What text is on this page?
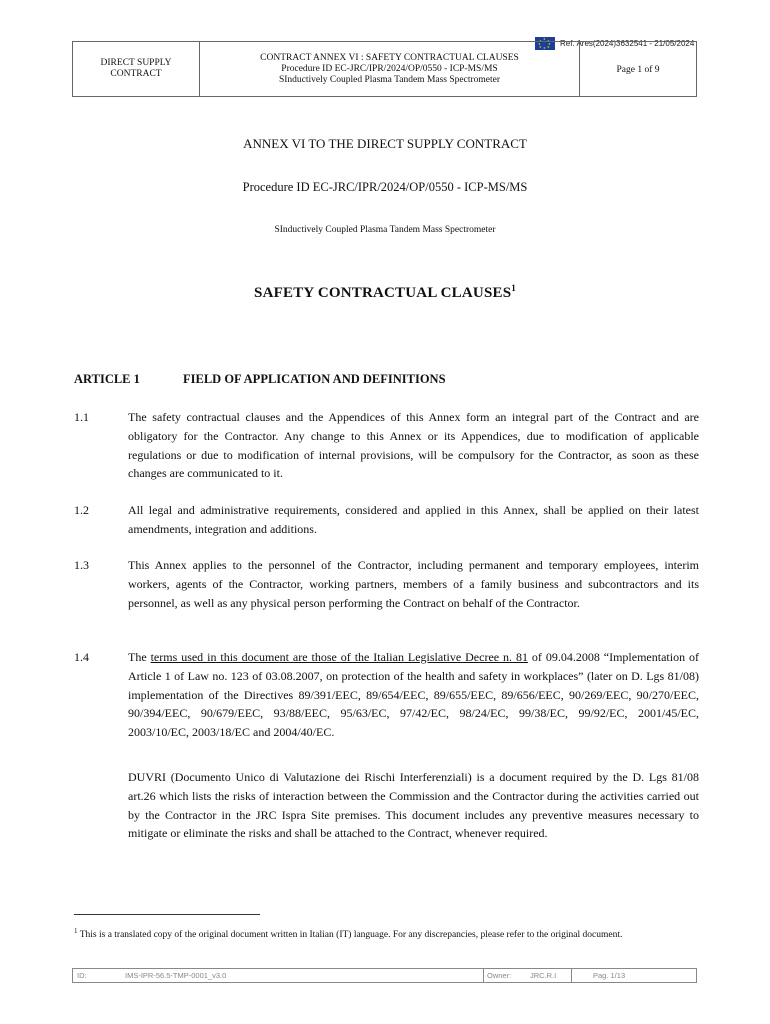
★ ★
★
★
★
★
★
★ Ref. Ares(2024)3632541 - 21/05/2024
DIRECT SUPPLY
CONTRACT
CONTRACT ANNEX VI : SAFETY CONTRACTUAL CLAUSES
Procedure ID EC-JRC/IPR/2024/OP/0550 - ICP-MS/MS
SInductively Coupled Plasma Tandem Mass Spectrometer
Page 1 of 9
ANNEX VI TO THE DIRECT SUPPLY CONTRACT
Procedure ID EC-JRC/IPR/2024/OP/0550 - ICP-MS/MS
SInductively Coupled Plasma Tandem Mass Spectrometer
SAFETY CONTRACTUAL CLAUSES$^1$
ARTICLE 1	FIELD OF APPLICATION AND DEFINITIONS
1.1	The safety contractual clauses and the Appendices of this Annex form an integral part of the Contract and are obligatory for the Contractor. Any change to this Annex or its Appendices, due to modification of applicable regulations or due to modification of internal provisions, will be compulsory for the Contractor, as soon as these changes are communicated to it.
1.2	All legal and administrative requirements, considered and applied in this Annex, shall be applied on their latest amendments, integration and additions.
1.3	This Annex applies to the personnel of the Contractor, including permanent and temporary employees, interim workers, agents of the Contractor, working partners, members of a family business and subcontractors and its personnel, as well as any physical person performing the Contract on behalf of the Contractor.
1.4	The terms used in this document are those of the Italian Legislative Decree n. 81 of 09.04.2008 “Implementation of Article 1 of Law no. 123 of 03.08.2007, on protection of the health and safety in workplaces” (later on D. Lgs 81/08) implementation of the Directives 89/391/EEC, 89/654/EEC, 89/655/EEC, 89/656/EEC, 90/269/EEC, 90/270/EEC, 90/394/EEC, 90/679/EEC, 93/88/EEC, 95/63/EC, 97/42/EC, 98/24/EC, 99/38/EC, 99/92/EC, 2001/45/EC, 2003/10/EC, 2003/18/EC and 2004/40/EC.
DUVRI (Documento Unico di Valutazione dei Rischi Interferenziali) is a document required by the D. Lgs 81/08 art.26 which lists the risks of interaction between the Commission and the Contractor during the activities carried out by the Contractor in the JRC Ispra Site premises. This document includes any preventive measures necessary to mitigate or eliminate the risks and shall be attached to the Contract, whenever required.
$^1$ This is a translated copy of the original document written in Italian (IT) language. For any discrepancies, please refer to the original document.
ID:	IMS-IPR-56.5-TMP-0001_v3.0	Owner:	JRC.R.I	Pag. 1/13
